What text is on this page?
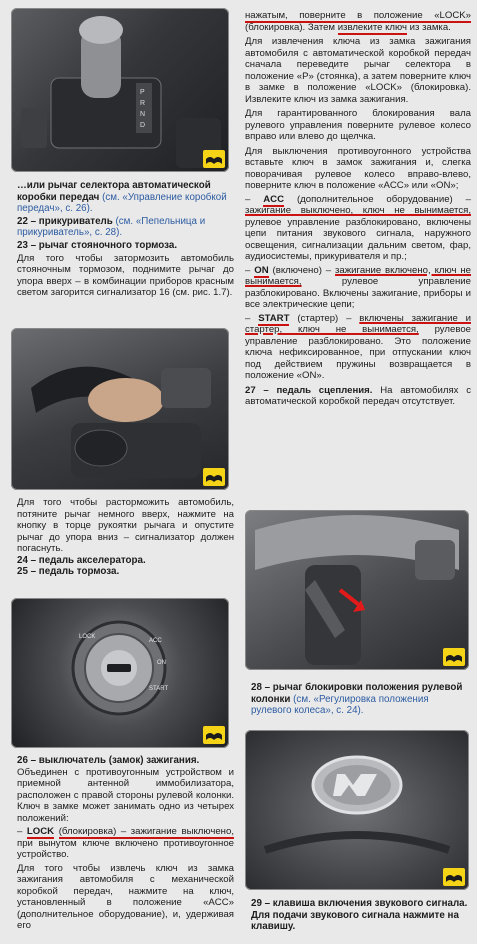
P
R
N
D

…или рычаг селектора автоматической коробки передач (см. «Управление коробкой передач», с. 26).

22 – прикуриватель (см. «Пепельница и прикуриватель», с. 28).

23 – рычаг стояночного тормоза.

Для того чтобы затормозить автомобиль стояночным тормозом, поднимите рычаг до упора вверх – в комбинации приборов красным светом загорится сигнализатор 16 (см. рис. 1.7).

Для того чтобы расторможить автомобиль, потяните рычаг немного вверх, нажмите на кнопку в торце рукоятки рычага и опустите рычаг до упора вниз – сигнализатор должен погаснуть.

24 – педаль акселератора.

25 – педаль тормоза.

LOCK
ACC
ON
START

26 – выключатель (замок) зажигания.

Объединен с противоугонным устройством и приемной антенной иммобилизатора, расположен с правой стороны рулевой колонки. Ключ в замке может занимать одно из четырех положений:

– LOCK (блокировка) – зажигание выключено, при вынутом ключе включено противоугонное устройство.

Для того чтобы извлечь ключ из замка зажигания автомобиля с механической коробкой передач, нажмите на ключ, установленный в положение «ACC» (дополнительное оборудование), и, удерживая его

нажатым, поверните в положение «LOCK» (блокировка). Затем извлеките ключ из замка.

Для извлечения ключа из замка зажигания автомобиля с автоматической коробкой передач сначала переведите рычаг селектора в положение «P» (стоянка), а затем поверните ключ в замке в положение «LOCK» (блокировка). Извлеките ключ из замка зажигания.

Для гарантированного блокирования вала рулевого управления поверните рулевое колесо вправо или влево до щелчка.

Для выключения противоугонного устройства вставьте ключ в замок зажигания и, слегка поворачивая рулевое колесо вправо-влево, поверните ключ в положение «ACC» или «ON»;

– ACC (дополнительное оборудование) – зажигание выключено, ключ не вынимается, рулевое управление разблокировано, включены цепи питания звукового сигнала, наружного освещения, сигнализации дальним светом, фар, аудиосистемы, прикуривателя и пр.;

– ON (включено) – зажигание включено, ключ не вынимается,	рулевое управление разблокировано. Включены зажигание, приборы и все электрические цепи;

– START (стартер) – включены зажигание и стартер, ключ не вынимается, рулевое управление разблокировано. Это положение ключа нефиксированное, при отпускании ключ под действием пружины возвращается в положение «ON».

27 – педаль сцепления. На автомобилях с автоматической коробкой передач отсутствует.

28 – рычаг блокировки положения рулевой колонки (см. «Регулировка положения рулевого колеса», с. 24).

29 – клавиша включения звукового сигнала. Для подачи звукового сигнала нажмите на клавишу.
